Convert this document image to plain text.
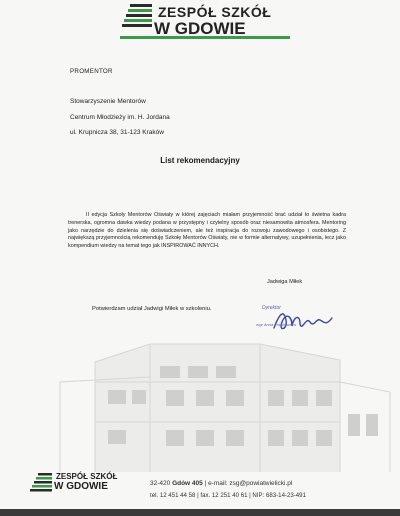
ZESPÓŁ SZKÓŁ
W GDOWIE
PROMENTOR
Stowarzyszenie Mentorów
Centrum Młodzieży im. H. Jordana
ul. Krupnicza 38, 31-123 Kraków
List rekomendacyjny

II edycja Szkoły Mentorów Oświaty w której zajęciach miałam przyjemność brać udział to świetna kadra trenerska, ogromna dawka wiedzy podana w przystępny i czytelny sposób oraz niesamowita atmosfera. Mentoring jako narzędzie do dzielenia się doświadczeniem, ale też inspiracja do rozwoju zawodowego i osobistego. Z największą przyjemnością rekomenduję Szkołę Mentorów Oświaty, nie w formie alternatywy, uzupełnienia, lecz jako kompendium wiedzy na temat tego jak INSPIROWAĆ INNYCH.

Jadwiga Miłek
Potwierdzam udział Jadwigi Miłek w szkoleniu.	Dyrektor
mgr Anna Frankowska
ZESPÓŁ SZKÓŁ
W GDOWIE	32-420 Gdów 405 | e-mail: zsg@powiatwielicki.pl
tel. 12 451 44 58 | fax. 12 251 40 61 | NIP: 683-14-23-491
